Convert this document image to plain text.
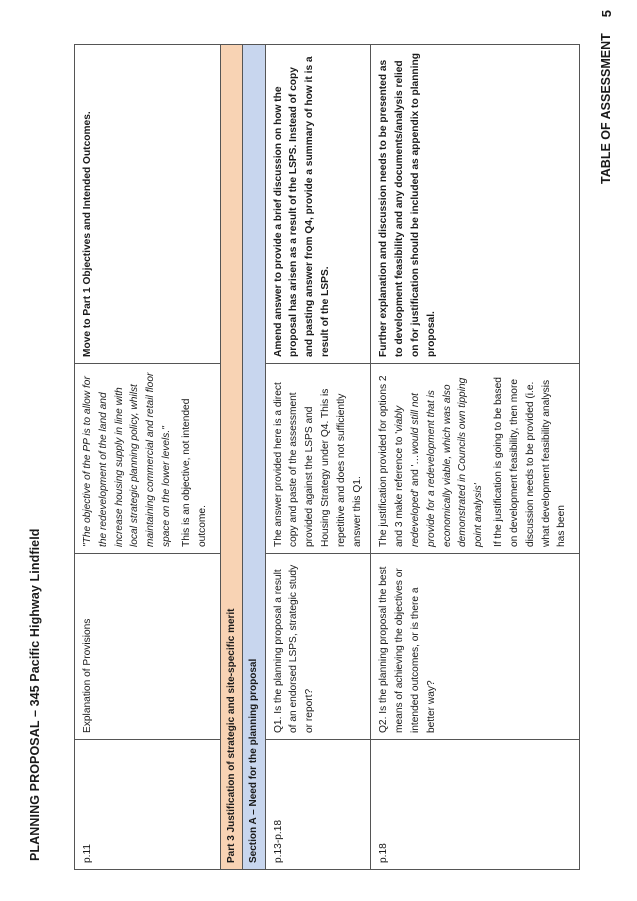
PLANNING PROPOSAL – 345 Pacific Highway Lindfield
TABLE OF ASSESSMENT
5
p.11	Explanation of Provisions	"The objective of the PP is to allow for the redevelopment of the land and increase housing supply in line with local strategic planning policy, whilst maintaining commercial and retail floor space on the lower levels." This is an objective, not intended outcome.	Move to Part 1 Objectives and Intended Outcomes.
Part 3 Justification of strategic and site-specific merit			
Section A – Need for the planning proposal			
p.13-p.18	Q1. Is the planning proposal a result of an endorsed LSPS, strategic study or report?	The answer provided here is a direct copy and paste of the assessment provided against the LSPS and Housing Strategy under Q4. This is repetitive and does not sufficiently answer this Q1.	Amend answer to provide a brief discussion on how the proposal has arisen as a result of the LSPS. Instead of copy and pasting answer from Q4, provide a summary of how it is a result of the LSPS.
p.18	Q2. Is the planning proposal the best means of achieving the objectives or intended outcomes, or is there a better way?	The justification provided for options 2 and 3 make reference to 'viably redeveloped' and '…would still not provide for a redevelopment that is economically viable, which was also demonstrated in Councils own tipping point analysis' If the justification is going to be based on development feasibility, then more discussion needs to be provided (i.e. what development feasibility analysis has been	Further explanation and discussion needs to be presented as to development feasibility and any documents/analysis relied on for justification should be included as appendix to planning proposal.
